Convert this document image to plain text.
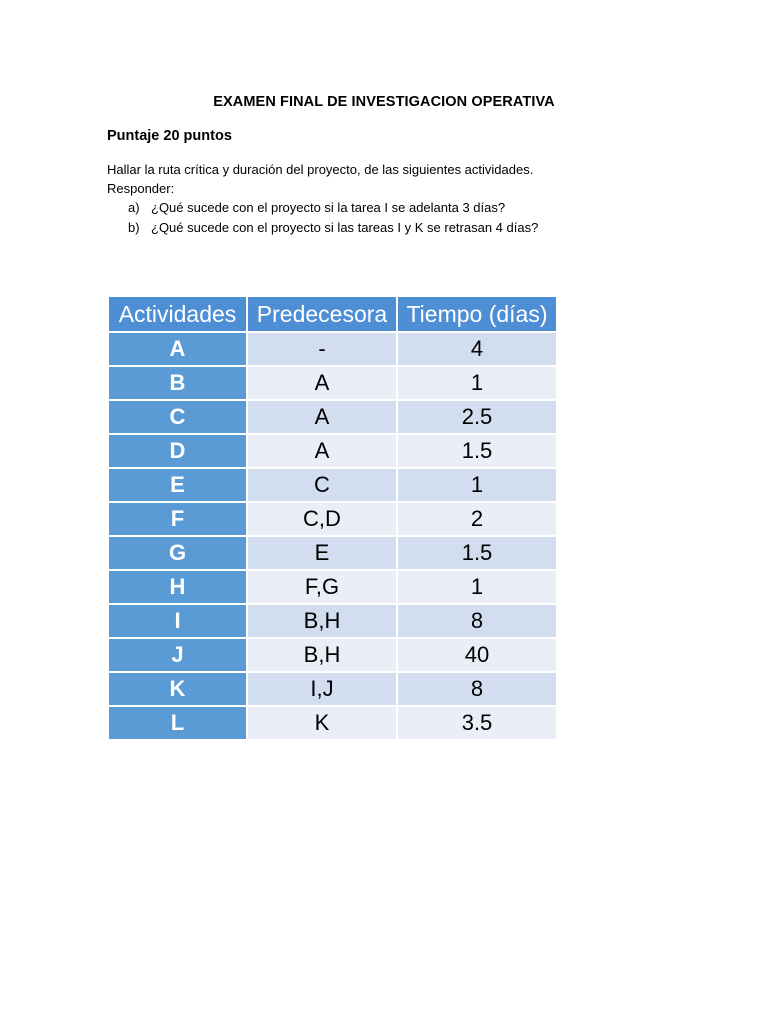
EXAMEN FINAL DE INVESTIGACION OPERATIVA
Puntaje 20 puntos
Hallar la ruta crítica y duración del proyecto, de las siguientes actividades.
Responder:
a) ¿Qué sucede con el proyecto si la tarea I se adelanta 3 días?
b) ¿Qué sucede con el proyecto si las tareas I y K se retrasan 4 días?
Actividades	Predecesora	Tiempo (días)
A	-	4
B	A	1
C	A	2.5
D	A	1.5
E	C	1
F	C,D	2
G	E	1.5
H	F,G	1
I	B,H	8
J	B,H	40
K	I,J	8
L	K	3.5
